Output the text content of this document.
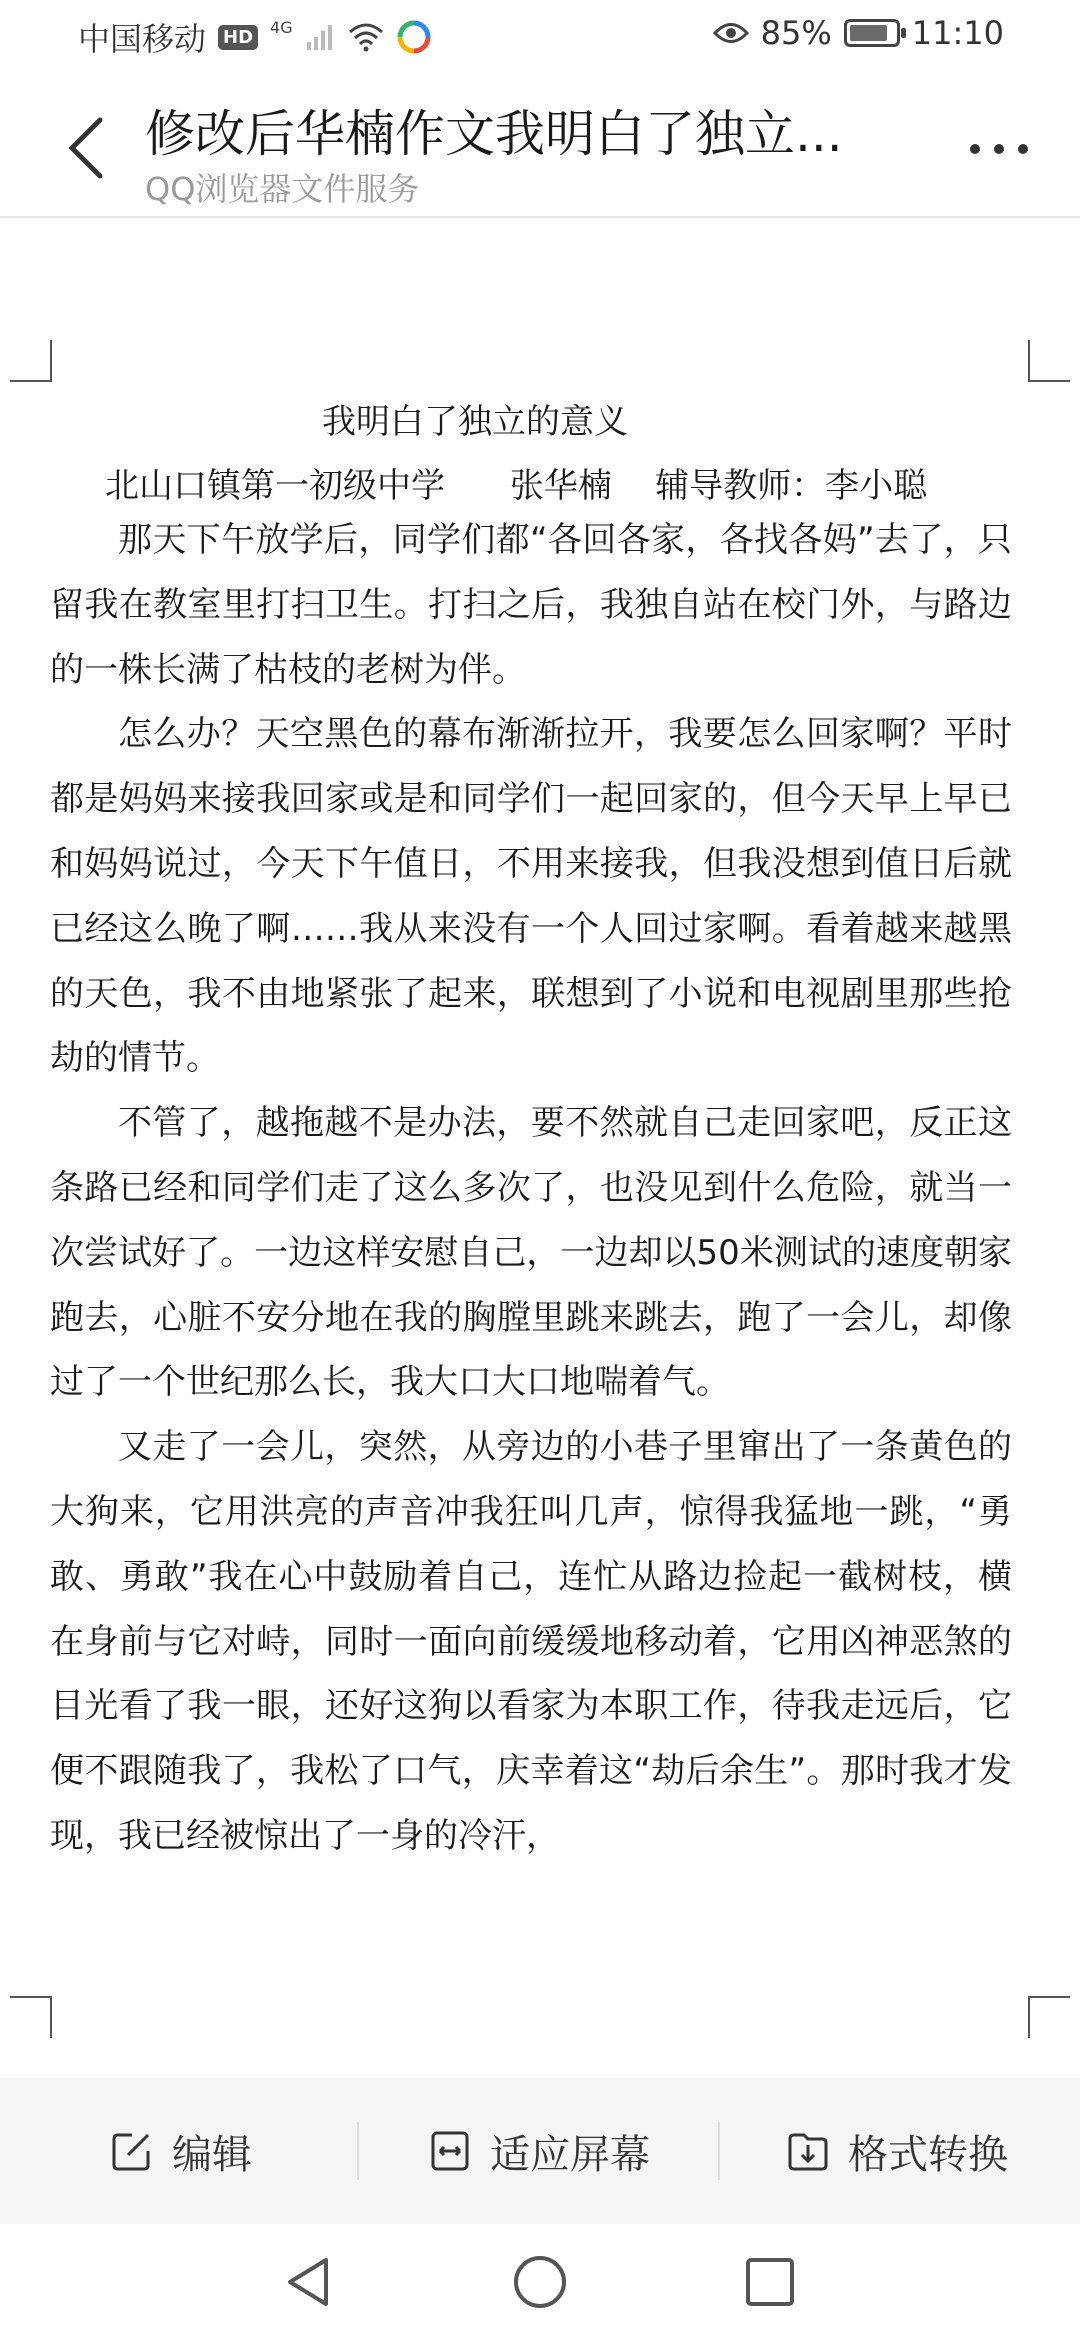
中国移动 HD	4G	85%	11:10
修改后华楠作文我明白了独立...
QQ浏览器文件服务
我明白了独立的意义
北山口镇第一初级中学      张华楠    辅导教师：李小聪

那天下午放学后，同学们都“各回各家，各找各妈”去了，只留我在教室里打扫卫生。打扫之后，我独自站在校门外，与路边的一株长满了枯枝的老树为伴。

怎么办？天空黑色的幕布渐渐拉开，我要怎么回家啊？平时都是妈妈来接我回家或是和同学们一起回家的，但今天早上早已和妈妈说过，今天下午值日，不用来接我，但我没想到值日后就已经这么晚了啊……我从来没有一个人回过家啊。看着越来越黑的天色，我不由地紧张了起来，联想到了小说和电视剧里那些抢劫的情节。

不管了，越拖越不是办法，要不然就自己走回家吧，反正这条路已经和同学们走了这么多次了，也没见到什么危险，就当一次尝试好了。一边这样安慰自己，一边却以50米测试的速度朝家跑去，心脏不安分地在我的胸膛里跳来跳去，跑了一会儿，却像过了一个世纪那么长，我大口大口地喘着气。

又走了一会儿，突然，从旁边的小巷子里窜出了一条黄色的大狗来，它用洪亮的声音冲我狂叫几声，惊得我猛地一跳，“勇敢、勇敢”我在心中鼓励着自己，连忙从路边捡起一截树枝，横在身前与它对峙，同时一面向前缓缓地移动着，它用凶神恶煞的目光看了我一眼，还好这狗以看家为本职工作，待我走远后，它便不跟随我了，我松了口气，庆幸着这“劫后余生”。那时我才发现，我已经被惊出了一身的冷汗，

编辑	适应屏幕	格式转换
